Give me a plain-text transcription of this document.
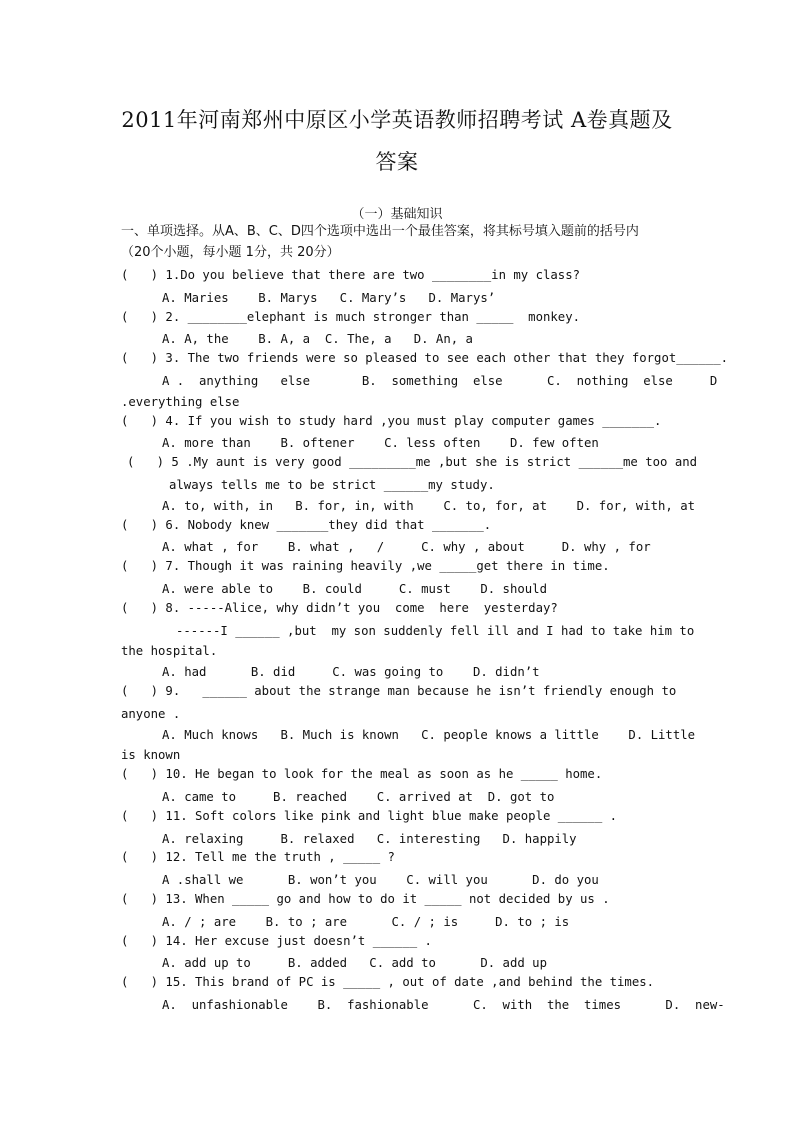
2011年河南郑州中原区小学英语教师招聘考试 A卷真题及
答案
（一）基础知识
一、单项选择。从A、B、C、D四个选项中选出一个最佳答案，将其标号填入题前的括号内
（20个小题，每小题 1分，共 20分）
(   ) 1.Do you believe that there are two ________in my class?
A. Maries    B. Marys   C. Mary’s   D. Marys’
(   ) 2. ________elephant is much stronger than _____  monkey.
A. A, the    B. A, a  C. The, a   D. An, a
(   ) 3. The two friends were so pleased to see each other that they forgot______.
A .  anything   else       B.  something  else      C.  nothing  else     D
.everything else
(   ) 4. If you wish to study hard ,you must play computer games _______.
A. more than    B. oftener    C. less often    D. few often
(   ) 5 .My aunt is very good _________me ,but she is strict ______me too and
always tells me to be strict ______my study.
A. to, with, in   B. for, in, with    C. to, for, at    D. for, with, at
(   ) 6. Nobody knew _______they did that _______.
A. what , for    B. what ,   /     C. why , about     D. why , for
(   ) 7. Though it was raining heavily ,we _____get there in time.
A. were able to    B. could     C. must    D. should
(   ) 8. -----Alice, why didn’t you  come  here  yesterday?
------I ______ ,but  my son suddenly fell ill and I had to take him to
the hospital.
A. had      B. did     C. was going to    D. didn’t
(   ) 9.   ______ about the strange man because he isn’t friendly enough to
anyone .
A. Much knows   B. Much is known   C. people knows a little    D. Little
is known
(   ) 10. He began to look for the meal as soon as he _____ home.
A. came to     B. reached    C. arrived at  D. got to
(   ) 11. Soft colors like pink and light blue make people ______ .
A. relaxing     B. relaxed   C. interesting   D. happily
(   ) 12. Tell me the truth , _____ ?
A .shall we      B. won’t you    C. will you      D. do you
(   ) 13. When _____ go and how to do it _____ not decided by us .
A. / ; are    B. to ; are      C. / ; is     D. to ; is
(   ) 14. Her excuse just doesn’t ______ .
A. add up to     B. added   C. add to      D. add up
(   ) 15. This brand of PC is _____ , out of date ,and behind the times.
A.  unfashionable    B.  fashionable      C.  with  the  times      D.  new-
